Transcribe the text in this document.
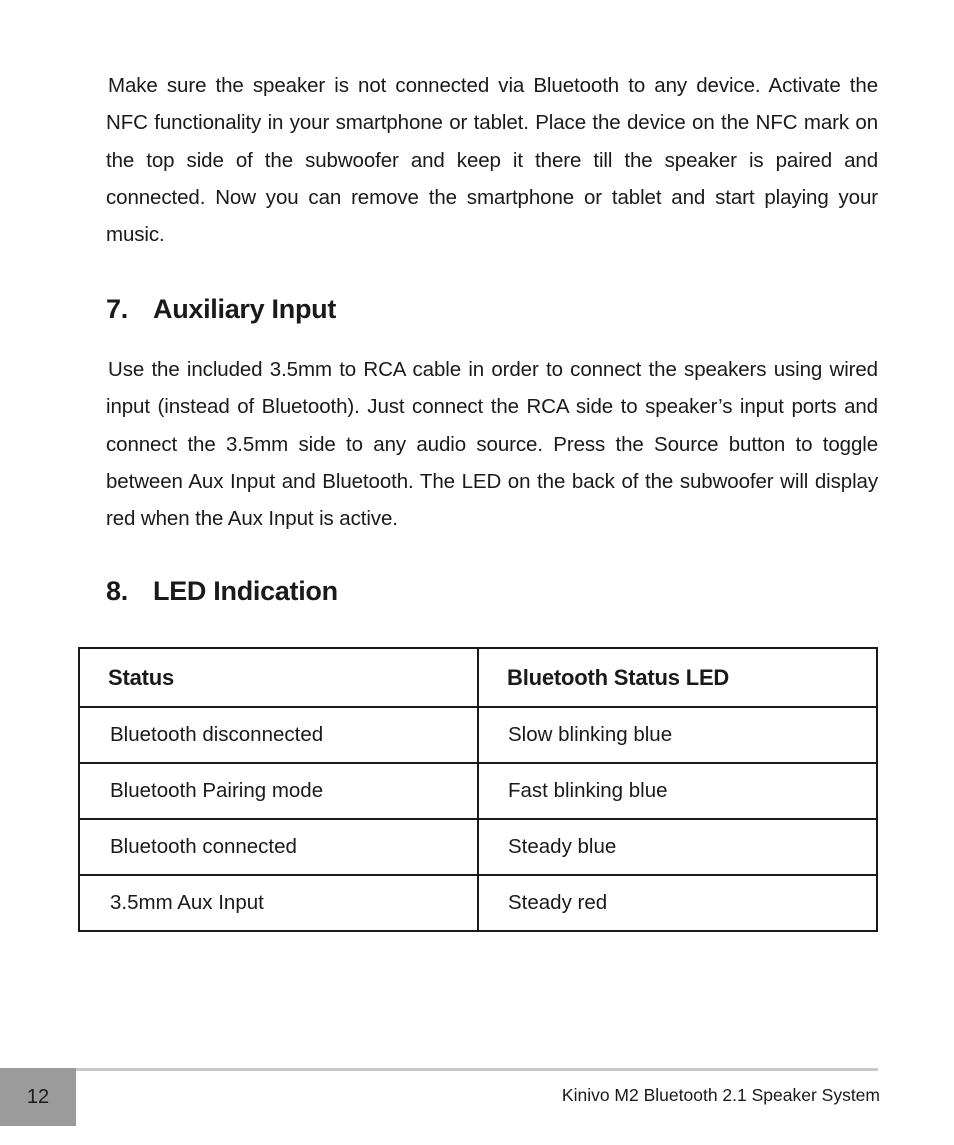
Make sure the speaker is not connected via Bluetooth to any device. Activate the NFC functionality in your smartphone or tablet. Place the device on the NFC mark on the top side of the subwoofer and keep it there till the speaker is paired and connected. Now you can remove the smartphone or tablet and start playing your music.

7. Auxiliary Input

Use the included 3.5mm to RCA cable in order to connect the speakers using wired input (instead of Bluetooth). Just connect the RCA side to speaker’s input ports and connect the 3.5mm side to any audio source. Press the Source button to toggle between Aux Input and Bluetooth. The LED on the back of the subwoofer will display red when the Aux Input is active.

8. LED Indication
Status	Bluetooth Status LED
Bluetooth disconnected	Slow blinking blue
Bluetooth Pairing mode	Fast blinking blue
Bluetooth connected	Steady blue
3.5mm Aux Input	Steady red
12	Kinivo M2 Bluetooth 2.1 Speaker System
